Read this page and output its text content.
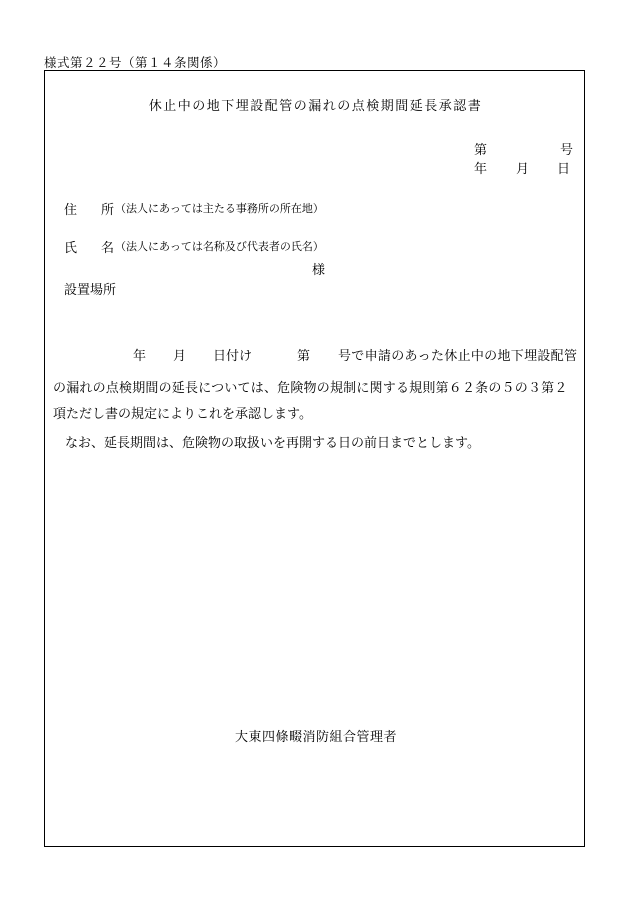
様式第２２号（第１４条関係）
休止中の地下埋設配管の漏れの点検期間延長承認書
第	号
年 月 日
住 所 （法人にあっては主たる事務所の所在地）
氏 名 （法人にあっては名称及び代表者の氏名）
様
設置場所
年 月 日付け	第 号で申請のあった休止中の地下埋設配管
の漏れの点検期間の延長については、危険物の規制に関する規則第６２条の５の３第２
項ただし書の規定によりこれを承認します。
なお、延長期間は、危険物の取扱いを再開する日の前日までとします。
大東四條畷消防組合管理者
